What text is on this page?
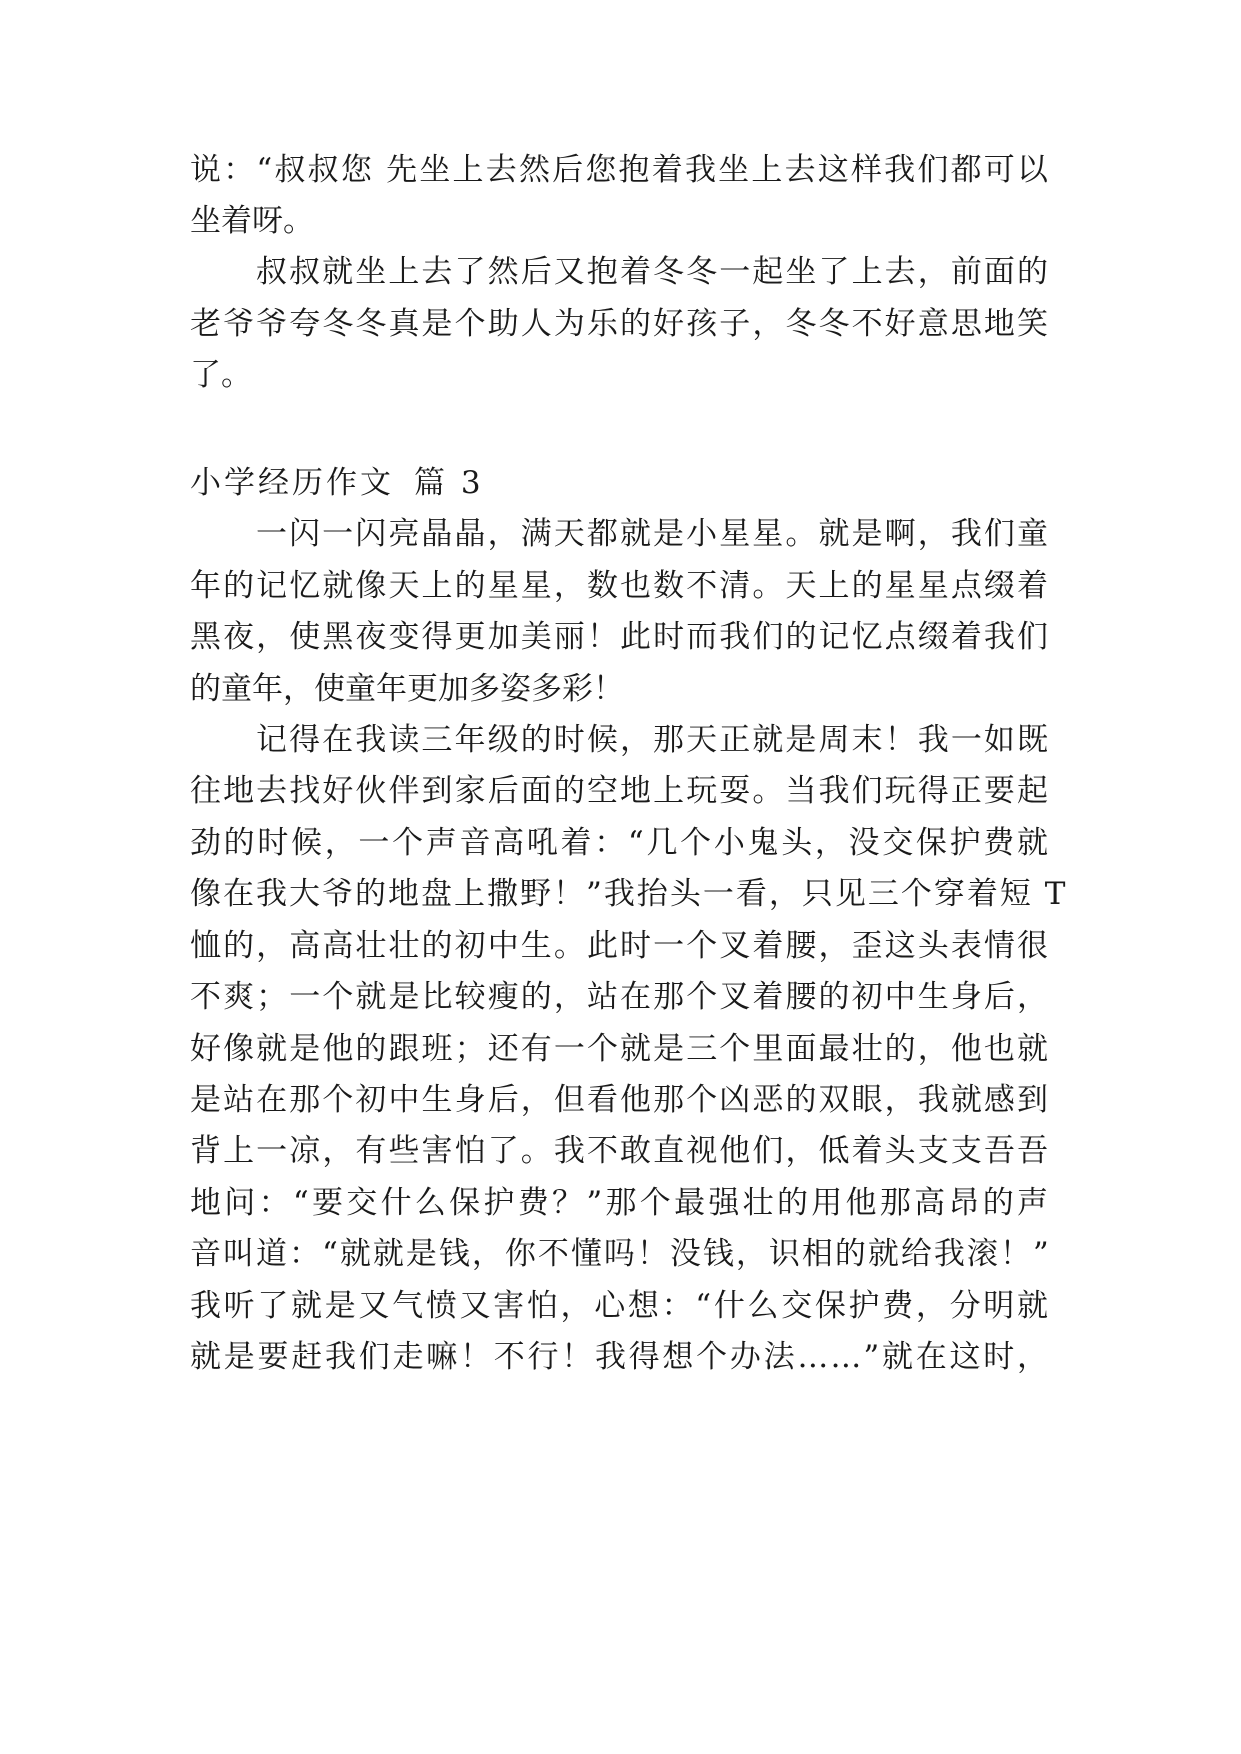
说：“叔叔您 先坐上去然后您抱着我坐上去这样我们都可以
坐着呀。
叔叔就坐上去了然后又抱着冬冬一起坐了上去，前面的
老爷爷夸冬冬真是个助人为乐的好孩子，冬冬不好意思地笑
了。
小学经历作文 篇 3
一闪一闪亮晶晶，满天都就是小星星。就是啊，我们童
年的记忆就像天上的星星，数也数不清。天上的星星点缀着
黑夜，使黑夜变得更加美丽！此时而我们的记忆点缀着我们
的童年，使童年更加多姿多彩！
记得在我读三年级的时候，那天正就是周末！我一如既
往地去找好伙伴到家后面的空地上玩耍。当我们玩得正要起
劲的时候，一个声音高吼着：“几个小鬼头，没交保护费就
像在我大爷的地盘上撒野！”我抬头一看，只见三个穿着短 T
恤的，高高壮壮的初中生。此时一个叉着腰，歪这头表情很
不爽；一个就是比较瘦的，站在那个叉着腰的初中生身后，
好像就是他的跟班；还有一个就是三个里面最壮的，他也就
是站在那个初中生身后，但看他那个凶恶的双眼，我就感到
背上一凉，有些害怕了。我不敢直视他们，低着头支支吾吾
地问：“要交什么保护费？”那个最强壮的用他那高昂的声
音叫道：“就就是钱，你不懂吗！没钱，识相的就给我滚！”
我听了就是又气愤又害怕，心想：“什么交保护费，分明就
就是要赶我们走嘛！不行！我得想个办法……”就在这时，
